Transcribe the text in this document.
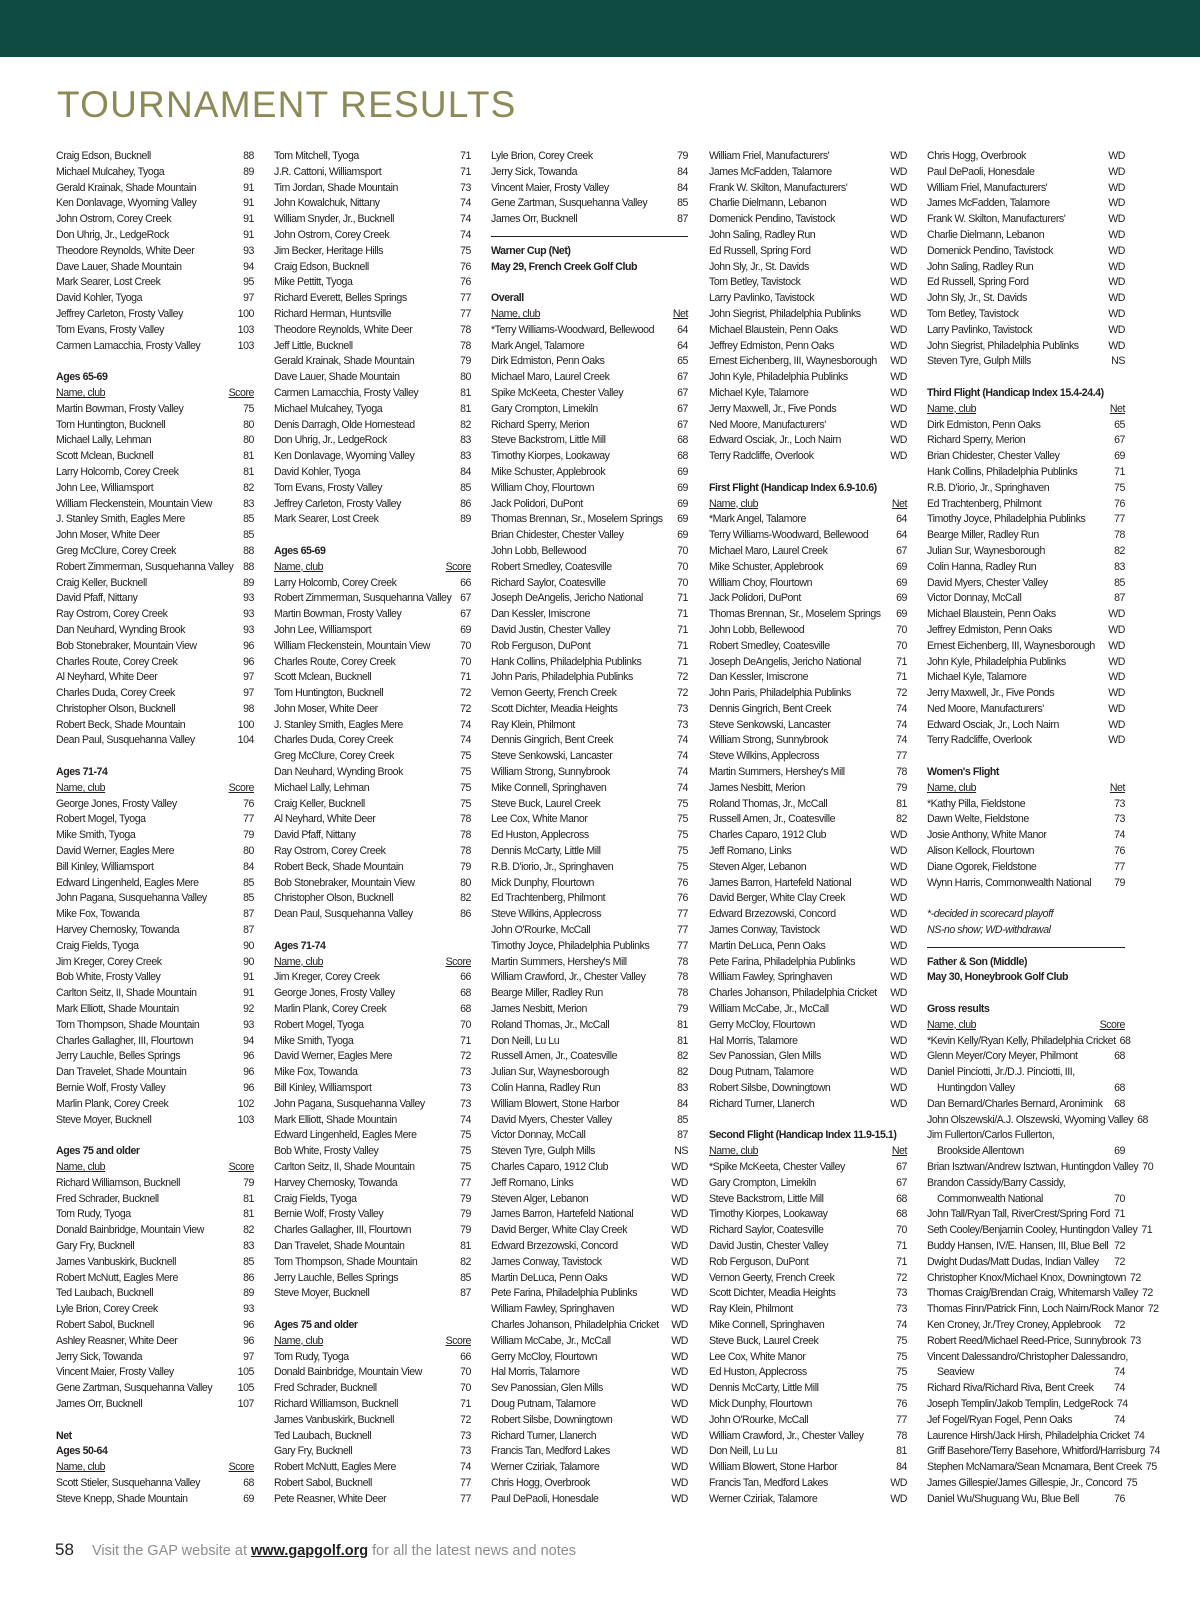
TOURNAMENT RESULTS
Craig Edson, Bucknell	88
Michael Mulcahey, Tyoga	89
Gerald Krainak, Shade Mountain	91
Ken Donlavage, Wyoming Valley	91
John Ostrom, Corey Creek	91
Don Uhrig, Jr., LedgeRock	91
Theodore Reynolds, White Deer	93
Dave Lauer, Shade Mountain	94
Mark Searer, Lost Creek	95
David Kohler, Tyoga	97
Jeffrey Carleton, Frosty Valley	100
Tom Evans, Frosty Valley	103
Carmen Lamacchia, Frosty Valley	103
Ages 65-69
Name, club	Score
Martin Bowman, Frosty Valley	75
Tom Huntington, Bucknell	80
Michael Lally, Lehman	80
Scott Mclean, Bucknell	81
Larry Holcomb, Corey Creek	81
John Lee, Williamsport	82
William Fleckenstein, Mountain View	83
J. Stanley Smith, Eagles Mere	85
John Moser, White Deer	85
Greg McClure, Corey Creek	88
Robert Zimmerman, Susquehanna Valley 88
Craig Keller, Bucknell	89
David Pfaff, Nittany	93
Ray Ostrom, Corey Creek	93
Dan Neuhard, Wynding Brook	93
Bob Stonebraker, Mountain View	96
Charles Route, Corey Creek	96
Al Neyhard, White Deer	97
Charles Duda, Corey Creek	97
Christopher Olson, Bucknell	98
Robert Beck, Shade Mountain	100
Dean Paul, Susquehanna Valley	104
Ages 71-74
Name, club	Score
George Jones, Frosty Valley	76
Robert Mogel, Tyoga	77
Mike Smith, Tyoga	79
David Werner, Eagles Mere	80
Bill Kinley, Williamsport	84
Edward Lingenheld, Eagles Mere	85
John Pagana, Susquehanna Valley	85
Mike Fox, Towanda	87
Harvey Chernosky, Towanda	87
Craig Fields, Tyoga	90
Jim Kreger, Corey Creek	90
Bob White, Frosty Valley	91
Carlton Seitz, II, Shade Mountain	91
Mark Elliott, Shade Mountain	92
Tom Thompson, Shade Mountain	93
Charles Gallagher, III, Flourtown	94
Jerry Lauchle, Belles Springs	96
Dan Travelet, Shade Mountain	96
Bernie Wolf, Frosty Valley	96
Marlin Plank, Corey Creek	102
Steve Moyer, Bucknell	103
Ages 75 and older
Name, club	Score
Richard Williamson, Bucknell	79
Fred Schrader, Bucknell	81
Tom Rudy, Tyoga	81
Donald Bainbridge, Mountain View	82
Gary Fry, Bucknell	83
James Vanbuskirk, Bucknell	85
Robert McNutt, Eagles Mere	86
Ted Laubach, Bucknell	89
Lyle Brion, Corey Creek	93
Robert Sabol, Bucknell	96
Ashley Reasner, White Deer	96
Jerry Sick, Towanda	97
Vincent Maier, Frosty Valley	105
Gene Zartman, Susquehanna Valley	105
James Orr, Bucknell	107
Net
Ages 50-64
Name, club	Score
Scott Stieler, Susquehanna Valley	68
Steve Knepp, Shade Mountain	69
Tom Mitchell, Tyoga	71
J.R. Cattoni, Williamsport	71
Tim Jordan, Shade Mountain	73
John Kowalchuk, Nittany	74
William Snyder, Jr., Bucknell	74
John Ostrom, Corey Creek	74
Jim Becker, Heritage Hills	75
Craig Edson, Bucknell	76
Mike Pettitt, Tyoga	76
Richard Everett, Belles Springs	77
Richard Herman, Huntsville	77
Theodore Reynolds, White Deer	78
Jeff Little, Bucknell	78
Gerald Krainak, Shade Mountain	79
Dave Lauer, Shade Mountain	80
Carmen Lamacchia, Frosty Valley	81
Michael Mulcahey, Tyoga	81
Denis Darragh, Olde Homestead	82
Don Uhrig, Jr., LedgeRock	83
Ken Donlavage, Wyoming Valley	83
David Kohler, Tyoga	84
Tom Evans, Frosty Valley	85
Jeffrey Carleton, Frosty Valley	86
Mark Searer, Lost Creek	89
Ages 65-69
Name, club	Score
Larry Holcomb, Corey Creek	66
Robert Zimmerman, Susquehanna Valley 67
Martin Bowman, Frosty Valley	67
John Lee, Williamsport	69
William Fleckenstein, Mountain View	70
Charles Route, Corey Creek	70
Scott Mclean, Bucknell	71
Tom Huntington, Bucknell	72
John Moser, White Deer	72
J. Stanley Smith, Eagles Mere	74
Charles Duda, Corey Creek	74
Greg McClure, Corey Creek	75
Dan Neuhard, Wynding Brook	75
Michael Lally, Lehman	75
Craig Keller, Bucknell	75
Al Neyhard, White Deer	78
David Pfaff, Nittany	78
Ray Ostrom, Corey Creek	78
Robert Beck, Shade Mountain	79
Bob Stonebraker, Mountain View	80
Christopher Olson, Bucknell	82
Dean Paul, Susquehanna Valley	86
Ages 71-74
Name, club	Score
Jim Kreger, Corey Creek	66
George Jones, Frosty Valley	68
Marlin Plank, Corey Creek	68
Robert Mogel, Tyoga	70
Mike Smith, Tyoga	71
David Werner, Eagles Mere	72
Mike Fox, Towanda	73
Bill Kinley, Williamsport	73
John Pagana, Susquehanna Valley	73
Mark Elliott, Shade Mountain	74
Edward Lingenheld, Eagles Mere	75
Bob White, Frosty Valley	75
Carlton Seitz, II, Shade Mountain	75
Harvey Chernosky, Towanda	77
Craig Fields, Tyoga	79
Bernie Wolf, Frosty Valley	79
Charles Gallagher, III, Flourtown	79
Dan Travelet, Shade Mountain	81
Tom Thompson, Shade Mountain	82
Jerry Lauchle, Belles Springs	85
Steve Moyer, Bucknell	87
Ages 75 and older
Name, club	Score
Tom Rudy, Tyoga	66
Donald Bainbridge, Mountain View	70
Fred Schrader, Bucknell	70
Richard Williamson, Bucknell	71
James Vanbuskirk, Bucknell	72
Ted Laubach, Bucknell	73
Gary Fry, Bucknell	73
Robert McNutt, Eagles Mere	74
Robert Sabol, Bucknell	77
Pete Reasner, White Deer	77
Lyle Brion, Corey Creek	79
Jerry Sick, Towanda	84
Vincent Maier, Frosty Valley	84
Gene Zartman, Susquehanna Valley	85
James Orr, Bucknell	87
Warner Cup (Net)
May 29, French Creek Golf Club
Overall
Name, club	Net
*Terry Williams-Woodward, Bellewood	64
Mark Angel, Talamore	64
Dirk Edmiston, Penn Oaks	65
Michael Maro, Laurel Creek	67
Spike McKeeta, Chester Valley	67
Gary Crompton, Limekiln	67
Richard Sperry, Merion	67
Steve Backstrom, Little Mill	68
Timothy Kiorpes, Lookaway	68
Mike Schuster, Applebrook	69
William Choy, Flourtown	69
Jack Polidori, DuPont	69
Thomas Brennan, Sr., Moselem Springs	69
Brian Chidester, Chester Valley	69
John Lobb, Bellewood	70
Robert Smedley, Coatesville	70
Richard Saylor, Coatesville	70
Joseph DeAngelis, Jericho National	71
Dan Kessler, Imiscrone	71
David Justin, Chester Valley	71
Rob Ferguson, DuPont	71
Hank Collins, Philadelphia Publinks	71
John Paris, Philadelphia Publinks	72
Vernon Geerty, French Creek	72
Scott Dichter, Meadia Heights	73
Ray Klein, Philmont	73
Dennis Gingrich, Bent Creek	74
Steve Senkowski, Lancaster	74
William Strong, Sunnybrook	74
Mike Connell, Springhaven	74
Steve Buck, Laurel Creek	75
Lee Cox, White Manor	75
Ed Huston, Applecross	75
Dennis McCarty, Little Mill	75
R.B. D'iorio, Jr., Springhaven	75
Mick Dunphy, Flourtown	76
Ed Trachtenberg, Philmont	76
Steve Wilkins, Applecross	77
John O'Rourke, McCall	77
Timothy Joyce, Philadelphia Publinks	77
Martin Summers, Hershey's Mill	78
William Crawford, Jr., Chester Valley	78
Bearge Miller, Radley Run	78
James Nesbitt, Merion	79
Roland Thomas, Jr., McCall	81
Don Neill, Lu Lu	81
Russell Amen, Jr., Coatesville	82
Julian Sur, Waynesborough	82
Colin Hanna, Radley Run	83
William Blowert, Stone Harbor	84
David Myers, Chester Valley	85
Victor Donnay, McCall	87
Steven Tyre, Gulph Mills	NS
Charles Caparo, 1912 Club	WD
Jeff Romano, Links	WD
Steven Alger, Lebanon	WD
James Barron, Hartefeld National	WD
David Berger, White Clay Creek	WD
Edward Brzezowski, Concord	WD
James Conway, Tavistock	WD
Martin DeLuca, Penn Oaks	WD
Pete Farina, Philadelphia Publinks	WD
William Fawley, Springhaven	WD
Charles Johanson, Philadelphia Cricket	WD
William McCabe, Jr., McCall	WD
Gerry McCloy, Flourtown	WD
Hal Morris, Talamore	WD
Sev Panossian, Glen Mills	WD
Doug Putnam, Talamore	WD
Robert Silsbe, Downingtown	WD
Richard Turner, Llanerch	WD
Francis Tan, Medford Lakes	WD
Werner Cziriak, Talamore	WD
Chris Hogg, Overbrook	WD
Paul DePaoli, Honesdale	WD
William Friel, Manufacturers'	WD
James McFadden, Talamore	WD
Frank W. Skilton, Manufacturers'	WD
Charlie Dielmann, Lebanon	WD
Domenick Pendino, Tavistock	WD
John Saling, Radley Run	WD
Ed Russell, Spring Ford	WD
John Sly, Jr., St. Davids	WD
Tom Betley, Tavistock	WD
Larry Pavlinko, Tavistock	WD
John Siegrist, Philadelphia Publinks	WD
Michael Blaustein, Penn Oaks	WD
Jeffrey Edmiston, Penn Oaks	WD
Ernest Eichenberg, III, Waynesborough	WD
John Kyle, Philadelphia Publinks	WD
Michael Kyle, Talamore	WD
Jerry Maxwell, Jr., Five Ponds	WD
Ned Moore, Manufacturers'	WD
Edward Osciak, Jr., Loch Nairn	WD
Terry Radcliffe, Overlook	WD
First Flight (Handicap Index 6.9-10.6)
Name, club	Net
*Mark Angel, Talamore	64
Terry Williams-Woodward, Bellewood	64
Michael Maro, Laurel Creek	67
Mike Schuster, Applebrook	69
William Choy, Flourtown	69
Jack Polidori, DuPont	69
Thomas Brennan, Sr., Moselem Springs	69
John Lobb, Bellewood	70
Robert Smedley, Coatesville	70
Joseph DeAngelis, Jericho National	71
Dan Kessler, Imiscrone	71
John Paris, Philadelphia Publinks	72
Dennis Gingrich, Bent Creek	74
Steve Senkowski, Lancaster	74
William Strong, Sunnybrook	74
Steve Wilkins, Applecross	77
Martin Summers, Hershey's Mill	78
James Nesbitt, Merion	79
Roland Thomas, Jr., McCall	81
Russell Amen, Jr., Coatesville	82
Charles Caparo, 1912 Club	WD
Jeff Romano, Links	WD
Steven Alger, Lebanon	WD
James Barron, Hartefeld National	WD
David Berger, White Clay Creek	WD
Edward Brzezowski, Concord	WD
James Conway, Tavistock	WD
Martin DeLuca, Penn Oaks	WD
Pete Farina, Philadelphia Publinks	WD
William Fawley, Springhaven	WD
Charles Johanson, Philadelphia Cricket	WD
William McCabe, Jr., McCall	WD
Gerry McCloy, Flourtown	WD
Hal Morris, Talamore	WD
Sev Panossian, Glen Mills	WD
Doug Putnam, Talamore	WD
Robert Silsbe, Downingtown	WD
Richard Turner, Llanerch	WD
Second Flight (Handicap Index 11.9-15.1)
Name, club	Net
*Spike McKeeta, Chester Valley	67
Gary Crompton, Limekiln	67
Steve Backstrom, Little Mill	68
Timothy Kiorpes, Lookaway	68
Richard Saylor, Coatesville	70
David Justin, Chester Valley	71
Rob Ferguson, DuPont	71
Vernon Geerty, French Creek	72
Scott Dichter, Meadia Heights	73
Ray Klein, Philmont	73
Mike Connell, Springhaven	74
Steve Buck, Laurel Creek	75
Lee Cox, White Manor	75
Ed Huston, Applecross	75
Dennis McCarty, Little Mill	75
Mick Dunphy, Flourtown	76
John O'Rourke, McCall	77
William Crawford, Jr., Chester Valley	78
Don Neill, Lu Lu	81
William Blowert, Stone Harbor	84
Francis Tan, Medford Lakes	WD
Werner Cziriak, Talamore	WD
Chris Hogg, Overbrook	WD
Paul DePaoli, Honesdale	WD
William Friel, Manufacturers'	WD
James McFadden, Talamore	WD
Frank W. Skilton, Manufacturers'	WD
Charlie Dielmann, Lebanon	WD
Domenick Pendino, Tavistock	WD
John Saling, Radley Run	WD
Ed Russell, Spring Ford	WD
John Sly, Jr., St. Davids	WD
Tom Betley, Tavistock	WD
Larry Pavlinko, Tavistock	WD
John Siegrist, Philadelphia Publinks	WD
Steven Tyre, Gulph Mills	NS
Third Flight (Handicap Index 15.4-24.4)
Name, club	Net
Dirk Edmiston, Penn Oaks	65
Richard Sperry, Merion	67
Brian Chidester, Chester Valley	69
Hank Collins, Philadelphia Publinks	71
R.B. D'iorio, Jr., Springhaven	75
Ed Trachtenberg, Philmont	76
Timothy Joyce, Philadelphia Publinks	77
Bearge Miller, Radley Run	78
Julian Sur, Waynesborough	82
Colin Hanna, Radley Run	83
David Myers, Chester Valley	85
Victor Donnay, McCall	87
Michael Blaustein, Penn Oaks	WD
Jeffrey Edmiston, Penn Oaks	WD
Ernest Eichenberg, III, Waynesborough	WD
John Kyle, Philadelphia Publinks	WD
Michael Kyle, Talamore	WD
Jerry Maxwell, Jr., Five Ponds	WD
Ned Moore, Manufacturers'	WD
Edward Osciak, Jr., Loch Nairn	WD
Terry Radcliffe, Overlook	WD
Women's Flight
Name, club	Net
*Kathy Pilla, Fieldstone	73
Dawn Welte, Fieldstone	73
Josie Anthony, White Manor	74
Alison Kellock, Flourtown	76
Diane Ogorek, Fieldstone	77
Wynn Harris, Commonwealth National	79
*-decided in scorecard playoff
NS-no show; WD-withdrawal
Father & Son (Middle)
May 30, Honeybrook Golf Club
Gross results
Name, club	Score
*Kevin Kelly/Ryan Kelly, Philadelphia Cricket 68
Glenn Meyer/Cory Meyer, Philmont	68
Daniel Pinciotti, Jr./D.J. Pinciotti, III,
Huntingdon Valley	68
Dan Bernard/Charles Bernard, Aronimink	68
John Olszewski/A.J. Olszewski, Wyoming Valley 68
Jim Fullerton/Carlos Fullerton,
Brookside Allentown	69
Brian Isztwan/Andrew Isztwan, Huntingdon Valley 70
Brandon Cassidy/Barry Cassidy,
Commonwealth National	70
John Tall/Ryan Tall, RiverCrest/Spring Ford 71
Seth Cooley/Benjamin Cooley, Huntingdon Valley 71
Buddy Hansen, IV/E. Hansen, III, Blue Bell 72
Dwight Dudas/Matt Dudas, Indian Valley	72
Christopher Knox/Michael Knox, Downingtown 72
Thomas Craig/Brendan Craig, Whitemarsh Valley 72
Thomas Finn/Patrick Finn, Loch Nairn/Rock Manor 72
Ken Croney, Jr./Trey Croney, Applebrook	72
Robert Reed/Michael Reed-Price, Sunnybrook 73
Vincent Dalessandro/Christopher Dalessandro,
Seaview	74
Richard Riva/Richard Riva, Bent Creek	74
Joseph Templin/Jakob Templin, LedgeRock 74
Jef Fogel/Ryan Fogel, Penn Oaks	74
Laurence Hirsh/Jack Hirsh, Philadelphia Cricket 74
Griff Basehore/Terry Basehore, Whitford/Harrisburg 74
Stephen McNamara/Sean Mcnamara, Bent Creek 75
James Gillespie/James Gillespie, Jr., Concord 75
Daniel Wu/Shuguang Wu, Blue Bell	76
58 Visit the GAP website at www.gapgolf.org for all the latest news and notes
